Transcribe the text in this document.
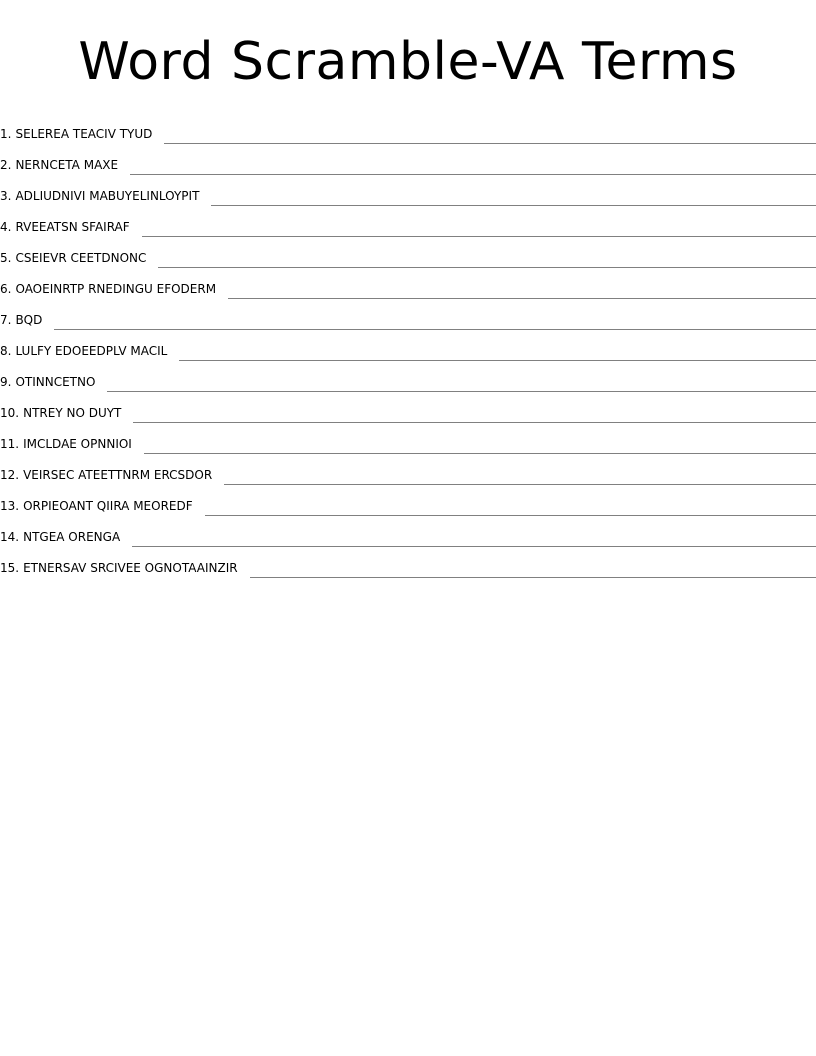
Word Scramble-VA Terms
1. SELEREA TEACIV TYUD
2. NERNCETA MAXE
3. ADLIUDNIVI MABUYELINLOYPIT
4. RVEEATSN SFAIRAF
5. CSEIEVR CEETDNONC
6. OAOEINRTP RNEDINGU EFODERM
7. BQD
8. LULFY EDOEEDPLV MACIL
9. OTINNCETNO
10. NTREY NO DUYT
11. IMCLDAE OPNNIOI
12. VEIRSEC ATEETTNRM ERCSDOR
13. ORPIEOANT QIIRA MEOREDF
14. NTGEA ORENGA
15. ETNERSAV SRCIVEE OGNOTAAINZIR
